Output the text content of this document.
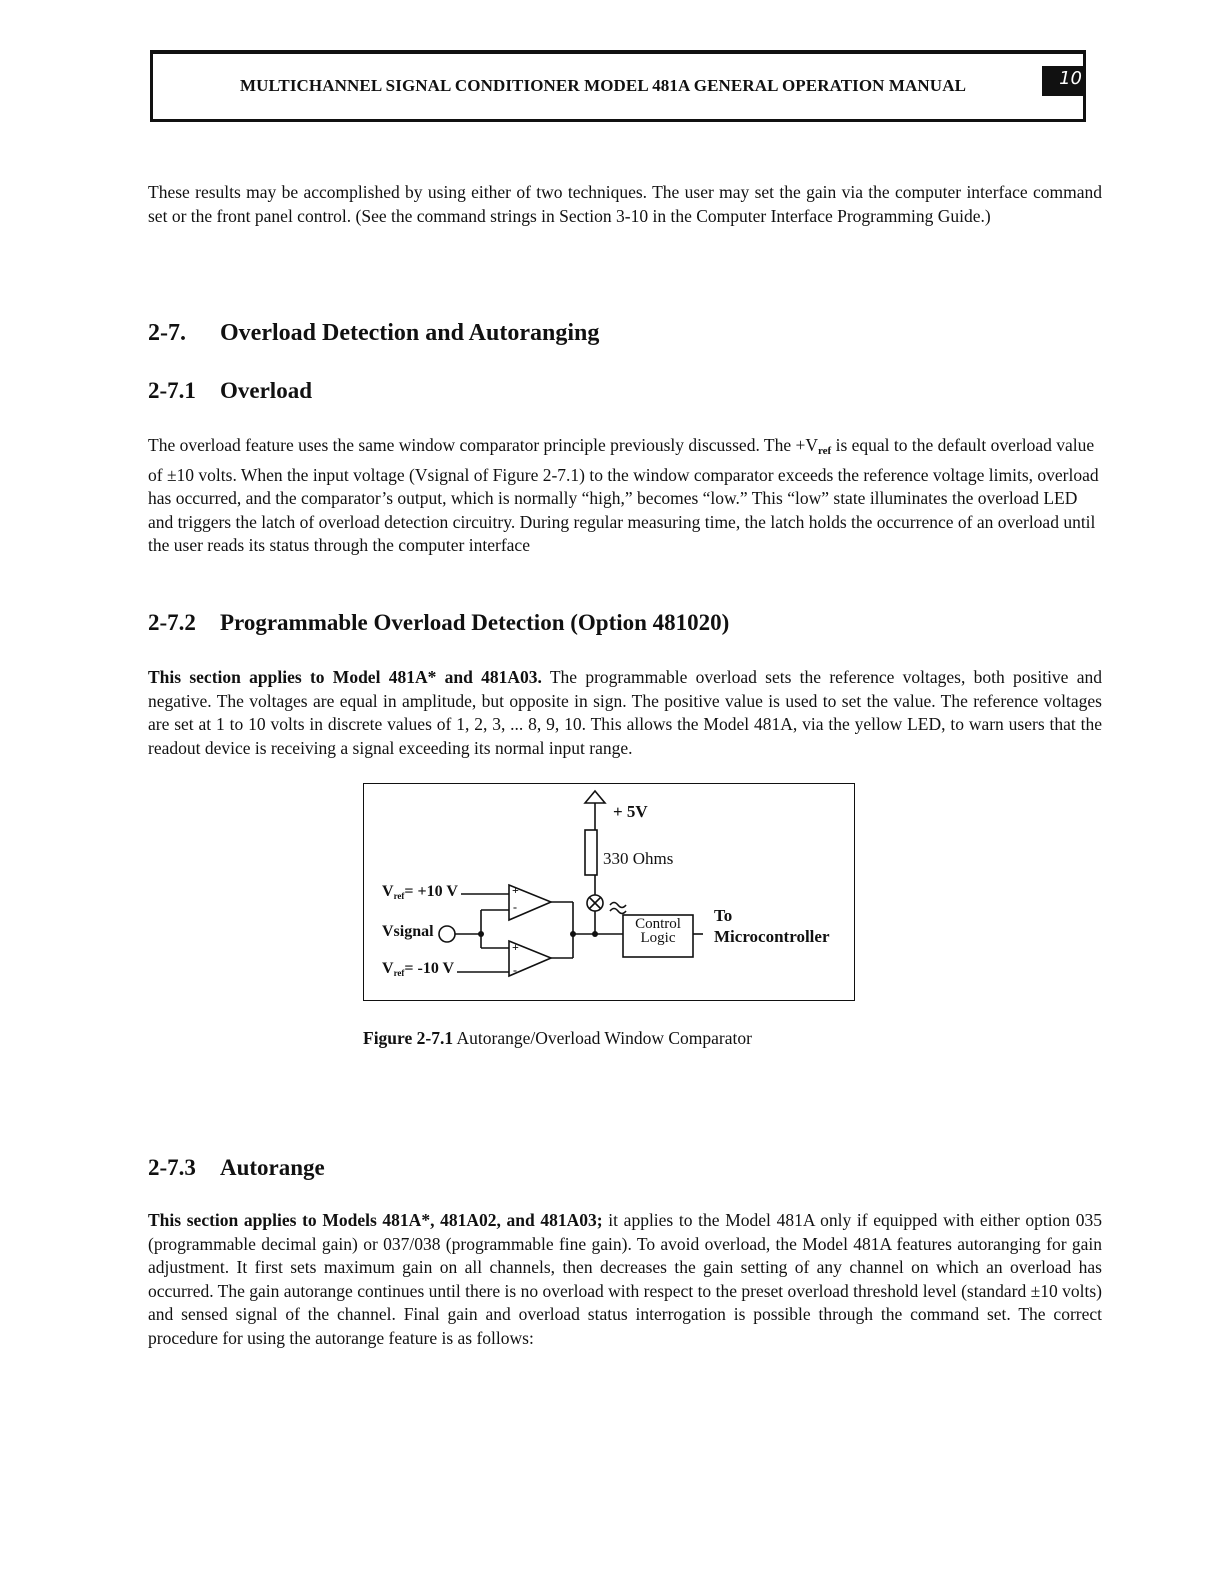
MULTICHANNEL SIGNAL CONDITIONER MODEL 481A GENERAL OPERATION MANUAL	10
These results may be accomplished by using either of two techniques. The user may set the gain via the computer interface command set or the front panel control. (See the command strings in Section 3-10 in the Computer Interface Programming Guide.)
2-7. Overload Detection and Autoranging
2-7.1 Overload
The overload feature uses the same window comparator principle previously discussed. The $+V_{ref}$ is equal to the default overload value of ±10 volts. When the input voltage (Vsignal of Figure 2-7.1) to the window comparator exceeds the reference voltage limits, overload has occurred, and the comparator’s output, which is normally “high,” becomes “low.” This “low” state illuminates the overload LED and triggers the latch of overload detection circuitry. During regular measuring time, the latch holds the occurrence of an overload until the user reads its status through the computer interface
2-7.2 Programmable Overload Detection (Option 481020)
This section applies to Model 481A* and 481A03. The programmable overload sets the reference voltages, both positive and negative. The voltages are equal in amplitude, but opposite in sign. The positive value is used to set the value. The reference voltages are set at 1 to 10 volts in discrete values of 1, 2, 3, ... 8, 9, 10. This allows the Model 481A, via the yellow LED, to warn users that the readout device is receiving a signal exceeding its normal input range.
+ 5V
330 Ohms
$V_{ref}= +10$ V
Vsignal
$V_{ref}= -10$ V
+
-
+
-
Control
Logic
To
Microcontroller
Figure 2-7.1 Autorange/Overload Window Comparator
2-7.3 Autorange
This section applies to Models 481A*, 481A02, and 481A03; it applies to the Model 481A only if equipped with either option 035 (programmable decimal gain) or 037/038 (programmable fine gain). To avoid overload, the Model 481A features autoranging for gain adjustment. It first sets maximum gain on all channels, then decreases the gain setting of any channel on which an overload has occurred. The gain autorange continues until there is no overload with respect to the preset overload threshold level (standard ±10 volts) and sensed signal of the channel. Final gain and overload status interrogation is possible through the command set. The correct procedure for using the autorange feature is as follows:
